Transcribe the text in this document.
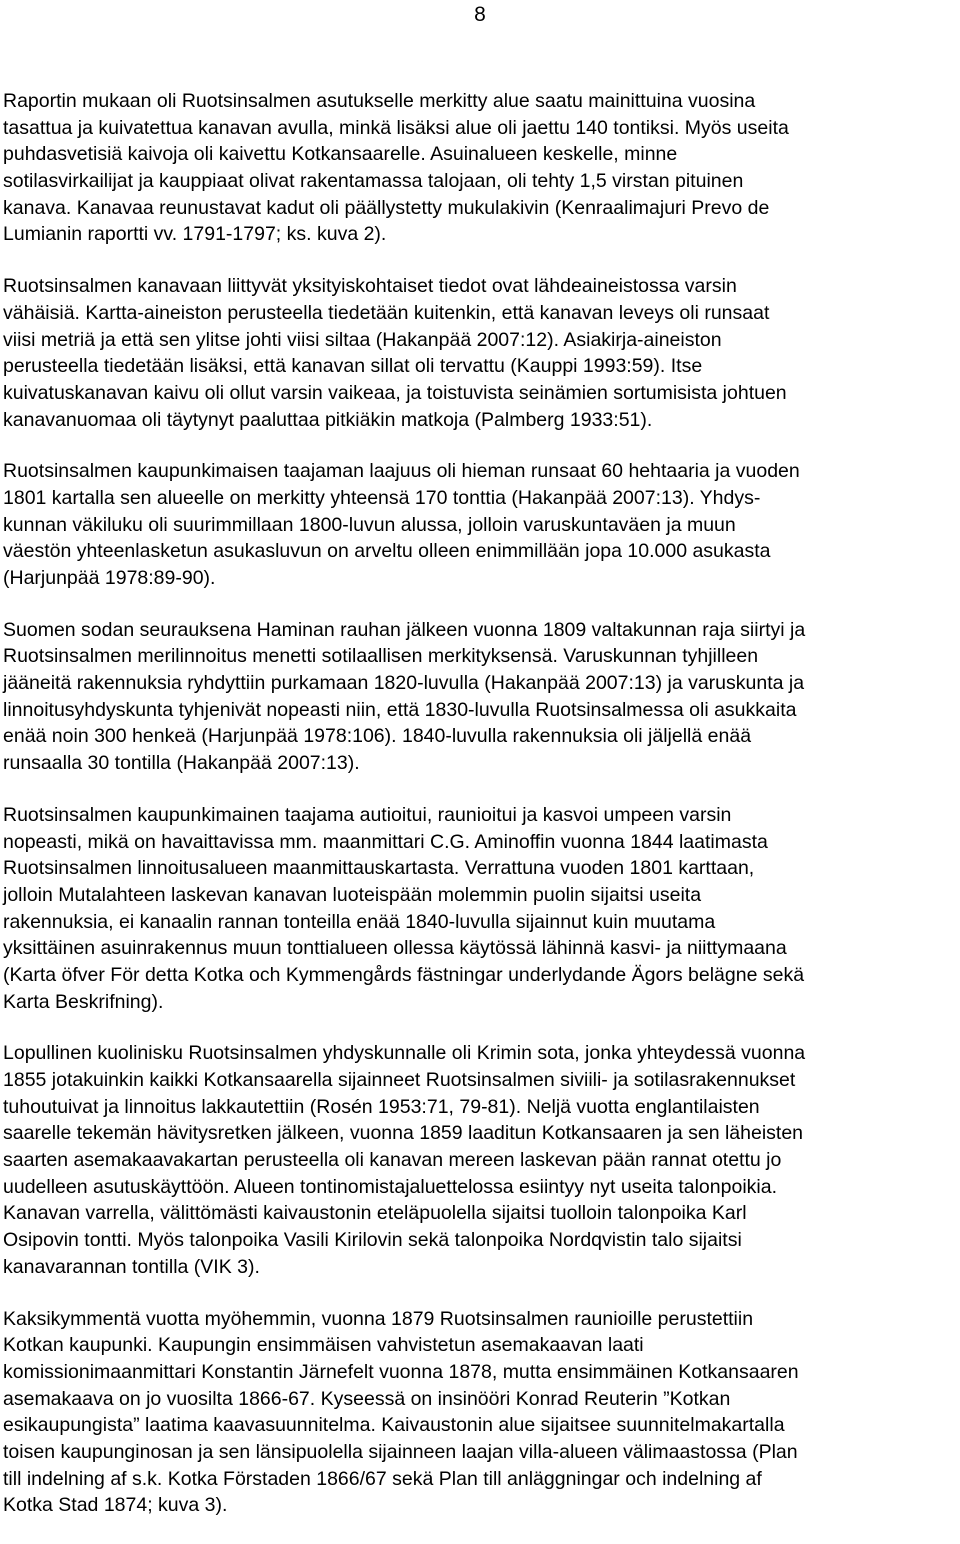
8

Raportin mukaan oli Ruotsinsalmen asutukselle merkitty alue saatu mainittuina vuosina
tasattua ja kuivatettua kanavan avulla, minkä lisäksi alue oli jaettu 140 tontiksi. Myös useita
puhdasvetisiä kaivoja oli kaivettu Kotkansaarelle. Asuinalueen keskelle, minne
sotilasvirkailijat ja kauppiaat olivat rakentamassa talojaan, oli tehty 1,5 virstan pituinen
kanava. Kanavaa reunustavat kadut oli päällystetty mukulakivin (Kenraalimajuri Prevo de
Lumianin raportti vv. 1791-1797; ks. kuva 2).

Ruotsinsalmen kanavaan liittyvät yksityiskohtaiset tiedot ovat lähdeaineistossa varsin
vähäisiä. Kartta-aineiston perusteella tiedetään kuitenkin, että kanavan leveys oli runsaat
viisi metriä ja että sen ylitse johti viisi siltaa (Hakanpää 2007:12). Asiakirja-aineiston
perusteella tiedetään lisäksi, että kanavan sillat oli tervattu (Kauppi 1993:59). Itse
kuivatuskanavan kaivu oli ollut varsin vaikeaa, ja toistuvista seinämien sortumisista johtuen
kanavanuomaa oli täytynyt paaluttaa pitkiäkin matkoja (Palmberg 1933:51).

Ruotsinsalmen kaupunkimaisen taajaman laajuus oli hieman runsaat 60 hehtaaria ja vuoden
1801 kartalla sen alueelle on merkitty yhteensä 170 tonttia (Hakanpää 2007:13). Yhdys-
kunnan väkiluku oli suurimmillaan 1800-luvun alussa, jolloin varuskuntaväen ja muun
väestön yhteenlasketun asukasluvun on arveltu olleen enimmillään jopa 10.000 asukasta
(Harjunpää 1978:89-90).

Suomen sodan seurauksena Haminan rauhan jälkeen vuonna 1809 valtakunnan raja siirtyi ja
Ruotsinsalmen merilinnoitus menetti sotilaallisen merkityksensä. Varuskunnan tyhjilleen
jääneitä rakennuksia ryhdyttiin purkamaan 1820-luvulla (Hakanpää 2007:13) ja varuskunta ja
linnoitusyhdyskunta tyhjenivät nopeasti niin, että 1830-luvulla Ruotsinsalmessa oli asukkaita
enää noin 300 henkeä (Harjunpää 1978:106). 1840-luvulla rakennuksia oli jäljellä enää
runsaalla 30 tontilla (Hakanpää 2007:13).

Ruotsinsalmen kaupunkimainen taajama autioitui, raunioitui ja kasvoi umpeen varsin
nopeasti, mikä on havaittavissa mm. maanmittari C.G. Aminoffin vuonna 1844 laatimasta
Ruotsinsalmen linnoitusalueen maanmittauskartasta. Verrattuna vuoden 1801 karttaan,
jolloin Mutalahteen laskevan kanavan luoteispään molemmin puolin sijaitsi useita
rakennuksia, ei kanaalin rannan tonteilla enää 1840-luvulla sijainnut kuin muutama
yksittäinen asuinrakennus muun tonttialueen ollessa käytössä lähinnä kasvi- ja niittymaana
(Karta öfver För detta Kotka och Kymmengårds fästningar underlydande Ägors belägne sekä
Karta Beskrifning).

Lopullinen kuolinisku Ruotsinsalmen yhdyskunnalle oli Krimin sota, jonka yhteydessä vuonna
1855 jotakuinkin kaikki Kotkansaarella sijainneet Ruotsinsalmen siviili- ja sotilasrakennukset
tuhoutuivat ja linnoitus lakkautettiin (Rosén 1953:71, 79-81). Neljä vuotta englantilaisten
saarelle tekemän hävitysretken jälkeen, vuonna 1859 laaditun Kotkansaaren ja sen läheisten
saarten asemakaavakartan perusteella oli kanavan mereen laskevan pään rannat otettu jo
uudelleen asutuskäyttöön. Alueen tontinomistajaluettelossa esiintyy nyt useita talonpoikia.
Kanavan varrella, välittömästi kaivaustonin eteläpuolella sijaitsi tuolloin talonpoika Karl
Osipovin tontti. Myös talonpoika Vasili Kirilovin sekä talonpoika Nordqvistin talo sijaitsi
kanavarannan tontilla (VIK 3).

Kaksikymmentä vuotta myöhemmin, vuonna 1879 Ruotsinsalmen raunioille perustettiin
Kotkan kaupunki. Kaupungin ensimmäisen vahvistetun asemakaavan laati
komissionimaanmittari Konstantin Järnefelt vuonna 1878, mutta ensimmäinen Kotkansaaren
asemakaava on jo vuosilta 1866-67. Kyseessä on insinööri Konrad Reuterin ”Kotkan
esikaupungista” laatima kaavasuunnitelma. Kaivaustonin alue sijaitsee suunnitelmakartalla
toisen kaupunginosan ja sen länsipuolella sijainneen laajan villa-alueen välimaastossa (Plan
till indelning af s.k. Kotka Förstaden 1866/67 sekä Plan till anläggningar och indelning af
Kotka Stad 1874; kuva 3).
